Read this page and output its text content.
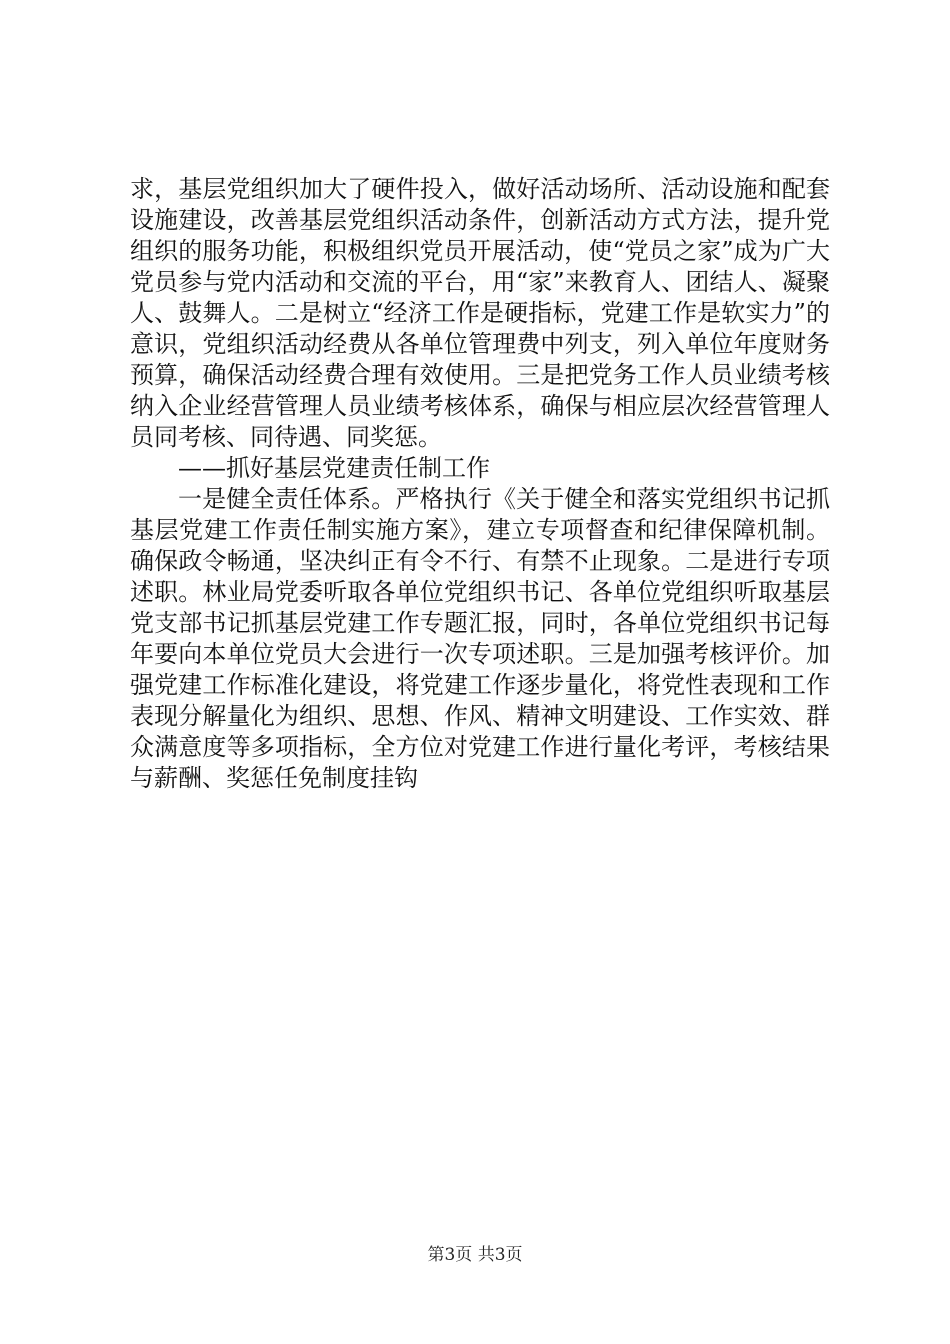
求，基层党组织加大了硬件投入，做好活动场所、活动设施和配套设施建设，改善基层党组织活动条件，创新活动方式方法，提升党组织的服务功能，积极组织党员开展活动，使“党员之家”成为广大党员参与党内活动和交流的平台，用“家”来教育人、团结人、凝聚人、鼓舞人。二是树立“经济工作是硬指标，党建工作是软实力”的意识，党组织活动经费从各单位管理费中列支，列入单位年度财务预算，确保活动经费合理有效使用。三是把党务工作人员业绩考核纳入企业经营管理人员业绩考核体系，确保与相应层次经营管理人员同考核、同待遇、同奖惩。

——抓好基层党建责任制工作

一是健全责任体系。严格执行《关于健全和落实党组织书记抓基层党建工作责任制实施方案》，建立专项督查和纪律保障机制。确保政令畅通，坚决纠正有令不行、有禁不止现象。二是进行专项述职。林业局党委听取各单位党组织书记、各单位党组织听取基层党支部书记抓基层党建工作专题汇报，同时，各单位党组织书记每年要向本单位党员大会进行一次专项述职。三是加强考核评价。加强党建工作标准化建设，将党建工作逐步量化，将党性表现和工作表现分解量化为组织、思想、作风、精神文明建设、工作实效、群众满意度等多项指标，全方位对党建工作进行量化考评，考核结果与薪酬、奖惩任免制度挂钩

第3页 共3页
